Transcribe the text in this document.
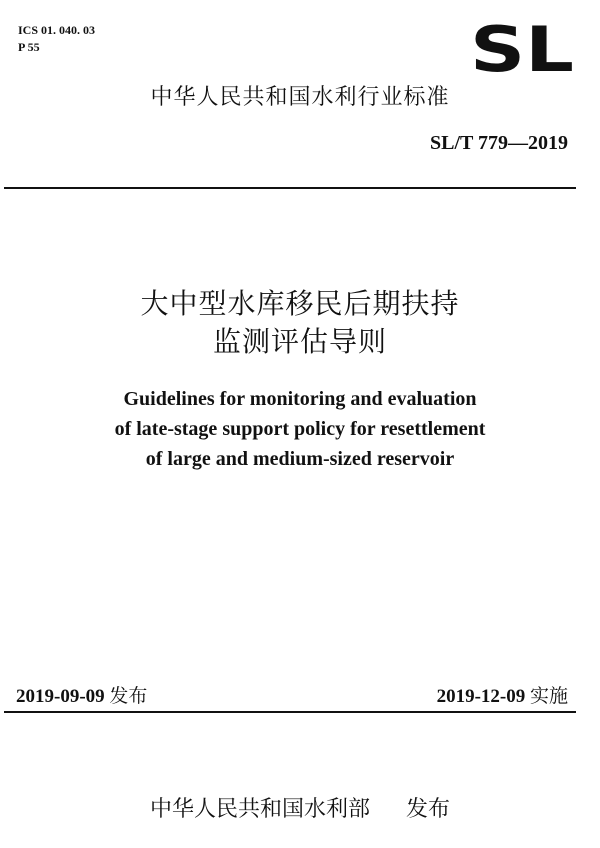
ICS 01. 040. 03
P 55	SL
中华人民共和国水利行业标准
SL/T 779—2019
大中型水库移民后期扶持
监测评估导则
Guidelines for monitoring and evaluation
of late-stage support policy for resettlement
of large and medium-sized reservoir
2019-09-09 发布	2019-12-09 实施
中华人民共和国水利部 发布
